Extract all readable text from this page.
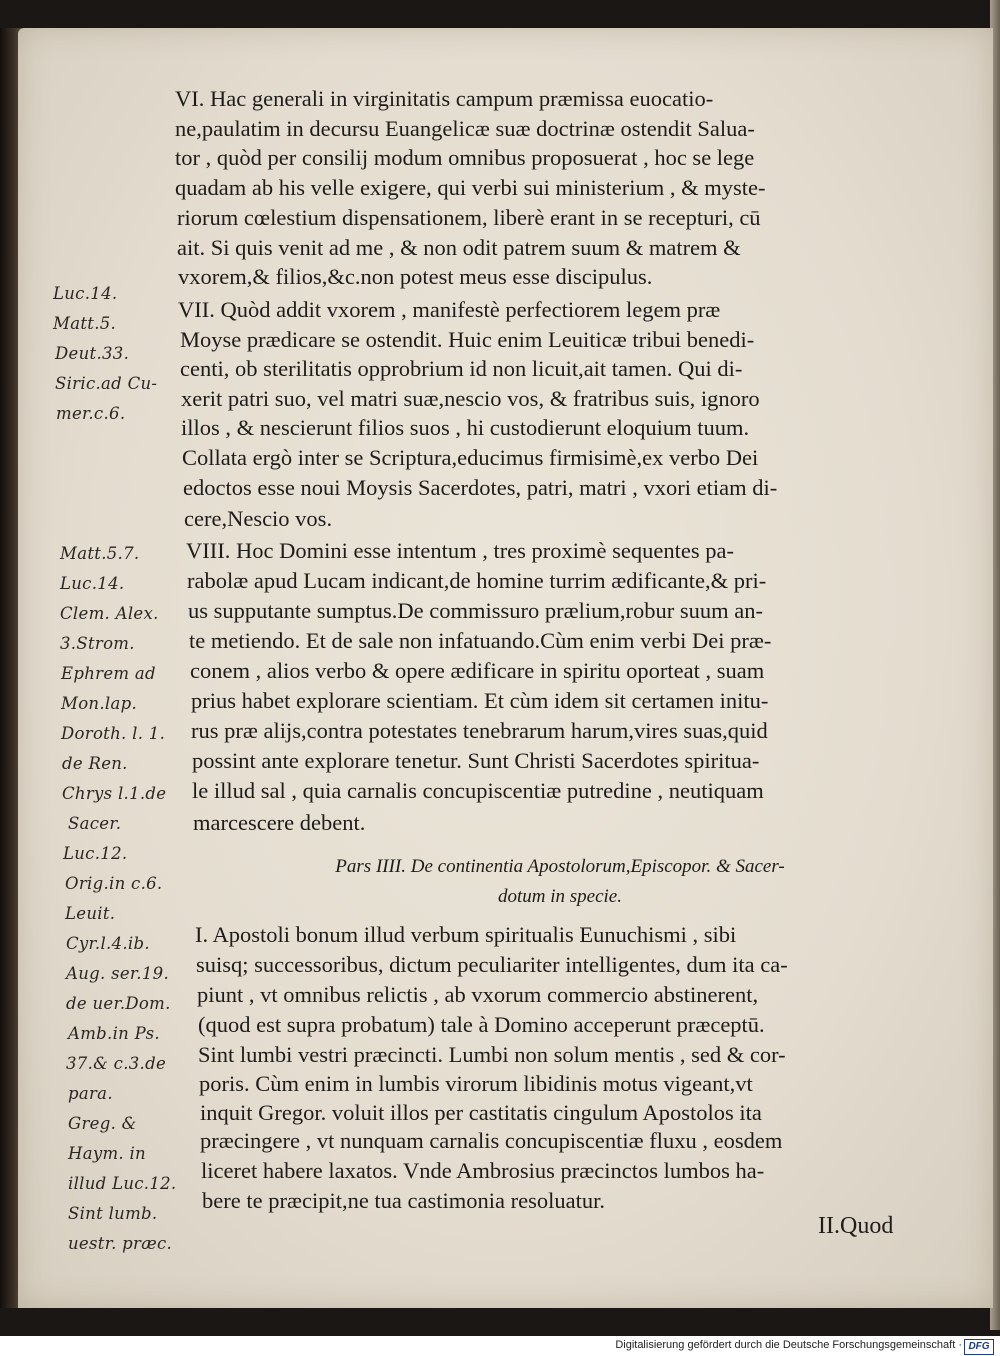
VI. Hac generali in virginitatis campum præmissa euocatio-
ne,paulatim in decursu Euangelicæ suæ doctrinæ ostendit Salua-
tor , quòd per consilij modum omnibus proposuerat , hoc se lege
quadam ab his velle exigere, qui verbi sui ministerium , & myste-
riorum cœlestium dispensationem, liberè erant in se recepturi, cū
ait. Si quis venit ad me , & non odit patrem suum & matrem &
vxorem,& filios,&c.non potest meus esse discipulus.
VII. Quòd addit vxorem , manifestè perfectiorem legem præ
Moyse prædicare se ostendit. Huic enim Leuiticæ tribui benedi-
centi, ob sterilitatis opprobrium id non licuit,ait tamen. Qui di-
xerit patri suo, vel matri suæ,nescio vos, & fratribus suis, ignoro
illos , & nescierunt filios suos , hi custodierunt eloquium tuum.
Collata ergò inter se Scriptura,educimus firmisimè,ex verbo Dei
edoctos esse noui Moysis Sacerdotes, patri, matri , vxori etiam di-
cere,Nescio vos.
VIII. Hoc Domini esse intentum , tres proximè sequentes pa-
rabolæ apud Lucam indicant,de homine turrim ædificante,& pri-
us supputante sumptus.De commissuro prælium,robur suum an-
te metiendo. Et de sale non infatuando.Cùm enim verbi Dei præ-
conem , alios verbo & opere ædificare in spiritu oporteat , suam
prius habet explorare scientiam. Et cùm idem sit certamen initu-
rus præ alijs,contra potestates tenebrarum harum,vires suas,quid
possint ante explorare tenetur. Sunt Christi Sacerdotes spiritua-
le illud sal , quia carnalis concupiscentiæ putredine , neutiquam
marcescere debent.
Pars IIII. De continentia Apostolorum,Episcopor. & Sacer-
dotum in specie.
I. Apostoli bonum illud verbum spiritualis Eunuchismi , sibi
suisq; successoribus, dictum peculiariter intelligentes, dum ita ca-
piunt , vt omnibus relictis , ab vxorum commercio abstinerent,
(quod est supra probatum) tale à Domino acceperunt præceptū.
Sint lumbi vestri præcincti. Lumbi non solum mentis , sed & cor-
poris. Cùm enim in lumbis virorum libidinis motus vigeant,vt
inquit Gregor. voluit illos per castitatis cingulum Apostolos ita
præcingere , vt nunquam carnalis concupiscentiæ fluxu , eosdem
liceret habere laxatos. Vnde Ambrosius præcinctos lumbos ha-
bere te præcipit,ne tua castimonia resoluatur.
Luc.14.
Matt.5.
Deut.33.
Siric.ad Cu-
mer.c.6.
Matt.5.7.
Luc.14.
Clem. Alex.
3.Strom.
Ephrem ad
Mon.lap.
Doroth. l. 1.
de Ren.
Chrys l.1.de
Sacer.
Luc.12.
Orig.in c.6.
Leuit.
Cyr.l.4.ib.
Aug. ser.19.
de uer.Dom.
Amb.in Ps.
37.& c.3.de
para.
Greg. &
Haym. in
illud Luc.12.
Sint lumb.
uestr. præc.
II.Quod
Digitalisierung gefördert durch die Deutsche Forschungsgemeinschaft · DFG
